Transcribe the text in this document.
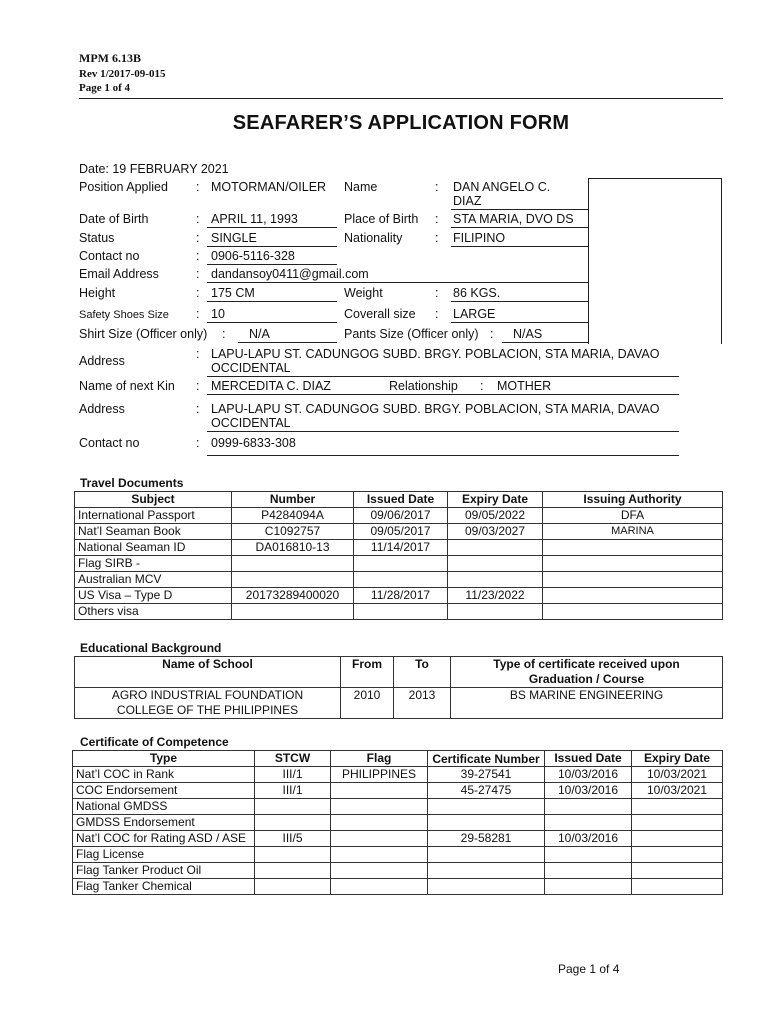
MPM 6.13B
Rev 1/2017-09-015
Page 1 of 4
SEAFARER’S APPLICATION FORM
Date: 19 FEBRUARY 2021
Position Applied : MOTORMAN/OILER Name	: DAN ANGELO C.
DIAZ
Date of Birth	: APRIL 11, 1993	Place of Birth : STA MARIA, DVO DS
Status	: SINGLE	Nationality	: FILIPINO
Contact no	: 0906-5116-328
Email Address	: dandansoy0411@gmail.com
Height	: 175 CM	Weight	: 86 KGS.
Safety Shoes Size : 10	Coverall size : LARGE
Shirt Size (Officer only) : N/A	Pants Size (Officer only) : N/AS
Address	: LAPU-LAPU ST. CADUNGOG SUBD. BRGY. POBLACION, STA MARIA, DAVAO
OCCIDENTAL
Name of next Kin : MERCEDITA C. DIAZ	Relationship : MOTHER
Address	: LAPU-LAPU ST. CADUNGOG SUBD. BRGY. POBLACION, STA MARIA, DAVAO
OCCIDENTAL
Contact no	: 0999-6833-308
Travel Documents
Subject	Number	Issued Date	Expiry Date	Issuing Authority
International Passport	P4284094A	09/06/2017	09/05/2022	DFA
Nat’l Seaman Book	C1092757	09/05/2017	09/03/2027	MARINA
National Seaman ID	DA016810-13	11/14/2017		
Flag SIRB -				
Australian MCV				
US Visa – Type D	20173289400020	11/28/2017	11/23/2022	
Others visa				
Educational Background
Name of School	From	To	Type of certificate received upon
Graduation / Course

AGRO INDUSTRIAL FOUNDATION
COLLEGE OF THE PHILIPPINES	2010	2013	BS MARINE ENGINEERING
Certificate of Competence
Type	STCW	Flag	Certificate Number	Issued Date	Expiry Date
Nat’l COC in Rank	III/1	PHILIPPINES	39-27541	10/03/2016	10/03/2021
COC Endorsement	III/1		45-27475	10/03/2016	10/03/2021
National GMDSS					
GMDSS Endorsement					
Nat’l COC for Rating ASD / ASE	III/5		29-58281	10/03/2016	
Flag License					
Flag Tanker Product Oil					
Flag Tanker Chemical					
Page 1 of 4
